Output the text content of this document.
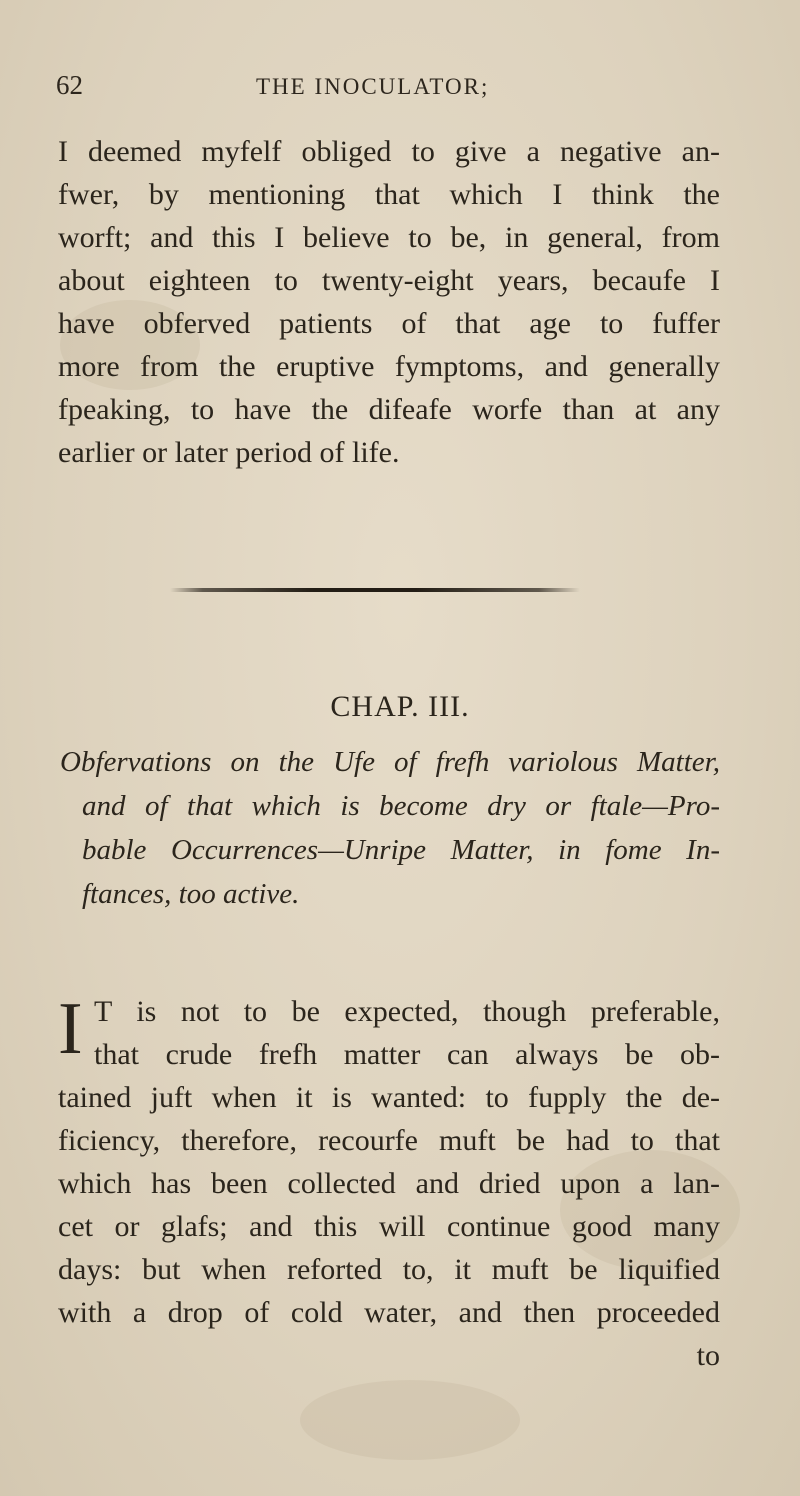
62	THE INOCULATOR;
I deemed myfelf obliged to give a negative an-
fwer, by mentioning that which I think the
worft; and this I believe to be, in general, from
about eighteen to twenty-eight years, becaufe I
have obferved patients of that age to fuffer
more from the eruptive fymptoms, and generally
fpeaking, to have the difeafe worfe than at any
earlier or later period of life.
CHAP. III.
Obfervations on the Ufe of frefh variolous Matter,
and of that which is become dry or ftale—Pro-
bable Occurrences—Unripe Matter, in fome In-
ftances, too active.
I T is not to be expected, though preferable,
that crude frefh matter can always be ob-
tained juft when it is wanted: to fupply the de-
ficiency, therefore, recourfe muft be had to that
which has been collected and dried upon a lan-
cet or glafs; and this will continue good many
days: but when reforted to, it muft be liquified
with a drop of cold water, and then proceeded
to
